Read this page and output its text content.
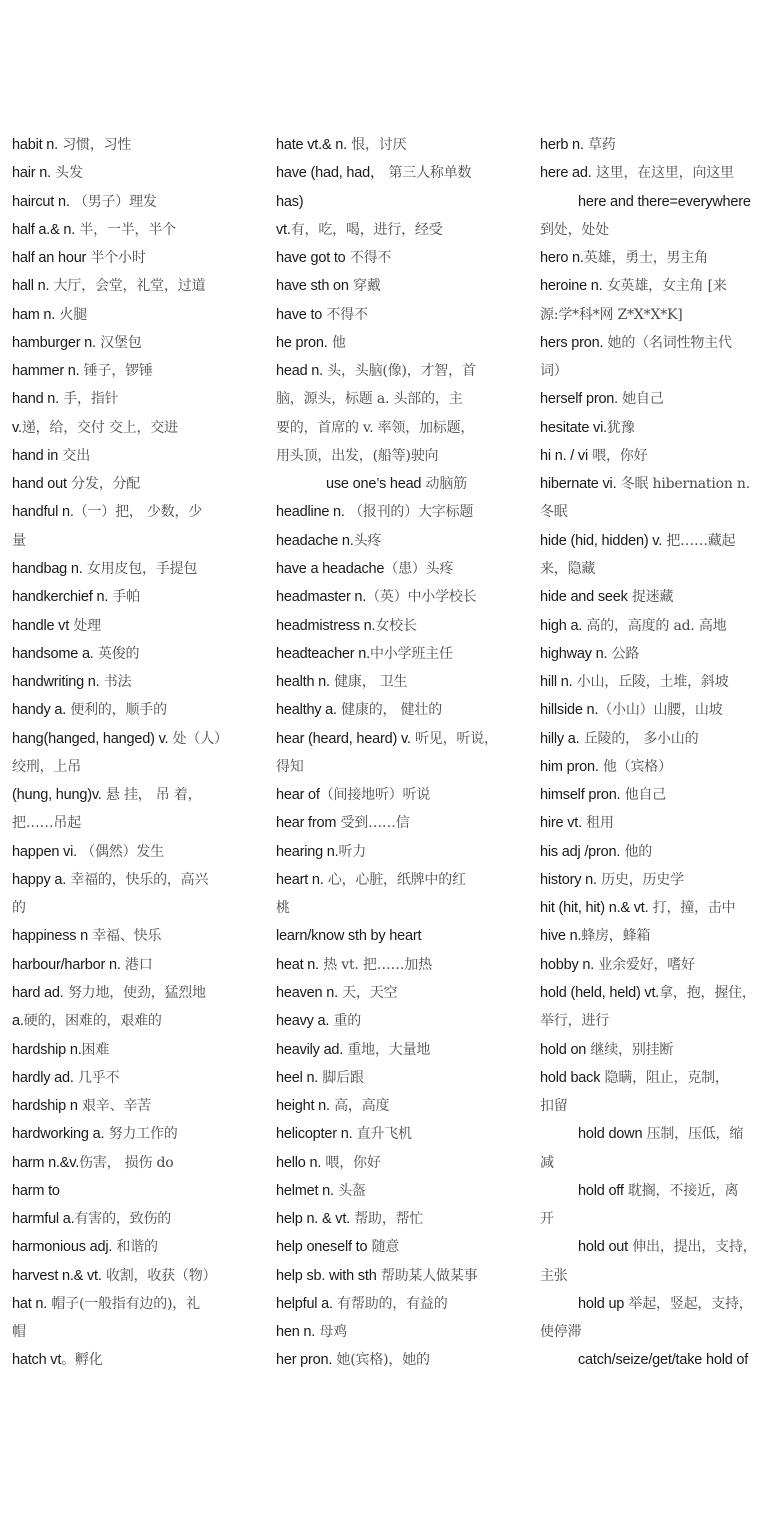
habit n. 习惯，习性
hair n. 头发
haircut n. （男子）理发
half a.& n. 半，一半，半个
half an hour 半个小时
hall n. 大厅，会堂，礼堂，过道
ham n. 火腿
hamburger n. 汉堡包
hammer n. 锤子，锣锤
hand n. 手，指针
v.递，给，交付 交上，交进
hand in 交出
hand out 分发，分配
handful n.（一）把， 少数，少
量
handbag n. 女用皮包，手提包
handkerchief n. 手帕
handle vt 处理
handsome a. 英俊的
handwriting n. 书法
handy a. 便利的，顺手的
hang(hanged, hanged) v. 处（人）
绞刑，上吊
(hung, hung)v. 悬 挂， 吊 着，
把……吊起
happen vi. （偶然）发生
happy a. 幸福的，快乐的，高兴
的
happiness n 幸福、快乐
harbour/harbor n. 港口
hard ad. 努力地，使劲，猛烈地
a.硬的，困难的，艰难的
hardship n.困难
hardly ad. 几乎不
hardship n 艰辛、辛苦
hardworking a. 努力工作的
harm n.&v.伤害， 损伤 do
harm to
harmful a.有害的，致伤的
harmonious adj. 和谐的
harvest n.& vt. 收割，收获（物）
hat n. 帽子(一般指有边的)，礼
帽
hatch vt。孵化
hate vt.& n. 恨，讨厌
have (had, had， 第三人称单数
has)
vt.有，吃，喝，进行，经受
have got to 不得不
have sth on 穿戴
have to 不得不
he pron. 他
head n. 头，头脑(像)，才智，首
脑，源头，标题 a. 头部的，主
要的，首席的 v. 率领，加标题，
用头顶，出发，(船等)驶向
use one’s head 动脑筋
headline n. （报刊的）大字标题
headache n.头疼
have a headache（患）头疼
headmaster n.（英）中小学校长
headmistress n.女校长
headteacher n.中小学班主任
health n. 健康， 卫生
healthy a. 健康的， 健壮的
hear (heard, heard) v. 听见，听说，
得知
hear of（间接地听）听说
hear from 受到……信
hearing n.听力
heart n. 心，心脏，纸牌中的红
桃
learn/know sth by heart
heat n. 热 vt. 把……加热
heaven n. 天，天空
heavy a. 重的
heavily ad. 重地，大量地
heel n. 脚后跟
height n. 高，高度
helicopter n. 直升飞机
hello n. 喂，你好
helmet n. 头盔
help n. & vt. 帮助，帮忙
help oneself to 随意
help sb. with sth 帮助某人做某事
helpful a. 有帮助的，有益的
hen n. 母鸡
her pron. 她(宾格)，她的
herb n. 草药
here ad. 这里，在这里，向这里
here and there=everywhere
到处，处处
hero n.英雄，勇士，男主角
heroine n. 女英雄，女主角 [来
源:学*科*网 Z*X*X*K]
hers pron. 她的（名词性物主代
词）
herself pron. 她自己
hesitate vi.犹豫
hi n. / vi 喂，你好
hibernate vi. 冬眠 hibernation n.
冬眠
hide (hid, hidden) v. 把……藏起
来，隐藏
hide and seek 捉迷藏
high a. 高的，高度的 ad. 高地
highway n. 公路
hill n. 小山，丘陵，土堆，斜坡
hillside n.（小山）山腰，山坡
hilly a. 丘陵的， 多小山的
him pron. 他（宾格）
himself pron. 他自己
hire vt. 租用
his adj /pron. 他的
history n. 历史，历史学
hit (hit, hit) n.& vt. 打，撞，击中
hive n.蜂房，蜂箱
hobby n. 业余爱好，嗜好
hold (held, held) vt.拿，抱，握住，
举行，进行
hold on 继续，别挂断
hold back 隐瞒，阻止，克制，
扣留
hold down 压制，压低，缩
减
hold off 耽搁，不接近，离
开
hold out 伸出，提出，支持，
主张
hold up 举起，竖起，支持，
使停滞
catch/seize/get/take hold of
